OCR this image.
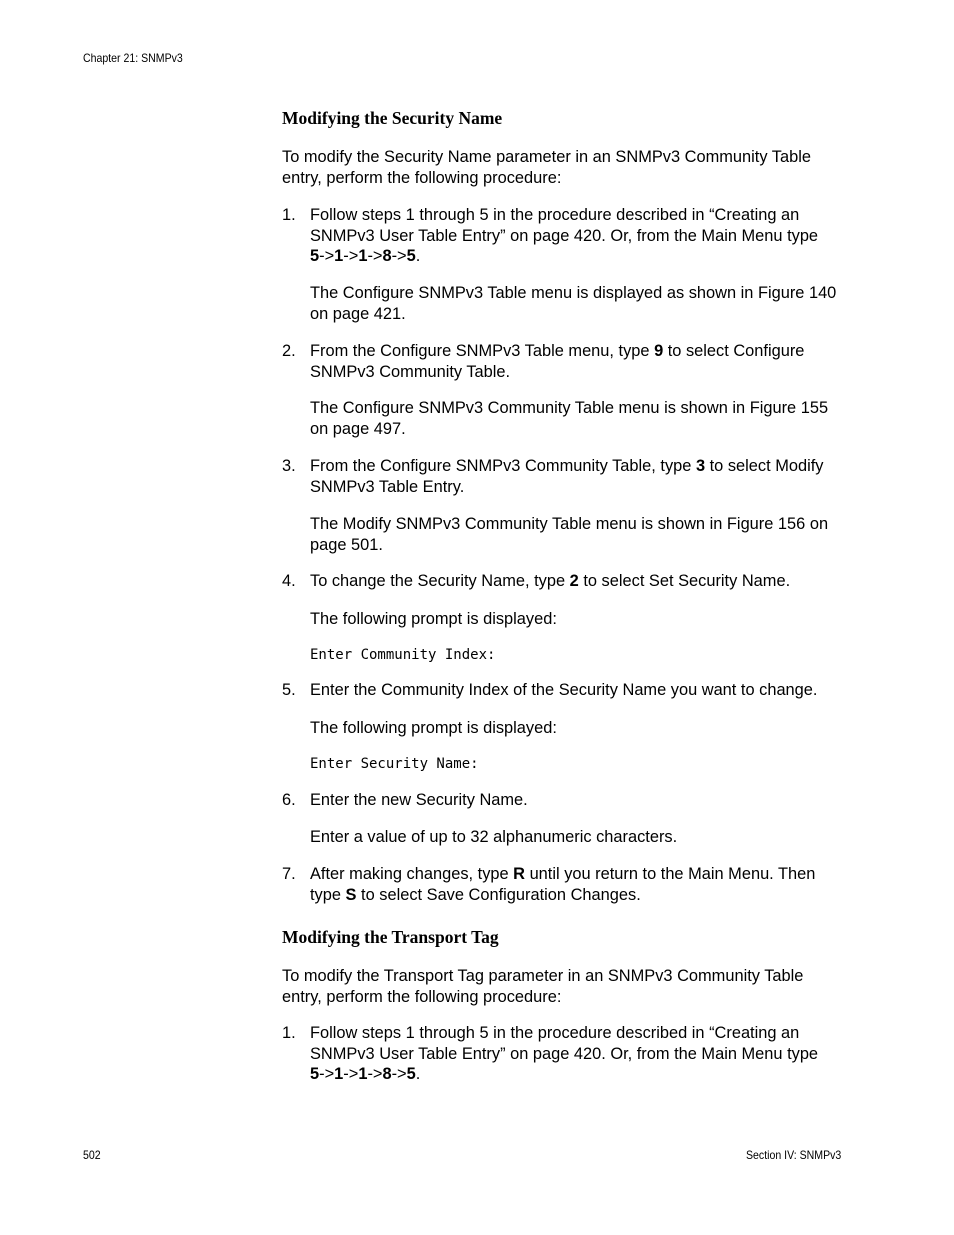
Chapter 21: SNMPv3
Modifying the Security Name

To modify the Security Name parameter in an SNMPv3 Community Table entry, perform the following procedure:

1. Follow steps 1 through 5 in the procedure described in “Creating an SNMPv3 User Table Entry” on page 420. Or, from the Main Menu type
5->1->1->8->5.

The Configure SNMPv3 Table menu is displayed as shown in Figure 140 on page 421.

2. From the Configure SNMPv3 Table menu, type 9 to select Configure SNMPv3 Community Table.

The Configure SNMPv3 Community Table menu is shown in Figure 155 on page 497.

3. From the Configure SNMPv3 Community Table, type 3 to select Modify SNMPv3 Table Entry.

The Modify SNMPv3 Community Table menu is shown in Figure 156 on page 501.

4. To change the Security Name, type 2 to select Set Security Name.

The following prompt is displayed:

Enter Community Index:
5. Enter the Community Index of the Security Name you want to change.

The following prompt is displayed:

Enter Security Name:
6. Enter the new Security Name.

Enter a value of up to 32 alphanumeric characters.

7. After making changes, type R until you return to the Main Menu. Then type S to select Save Configuration Changes.

Modifying the Transport Tag

To modify the Transport Tag parameter in an SNMPv3 Community Table entry, perform the following procedure:

1. Follow steps 1 through 5 in the procedure described in “Creating an SNMPv3 User Table Entry” on page 420. Or, from the Main Menu type
5->1->1->8->5.

502	Section IV: SNMPv3
